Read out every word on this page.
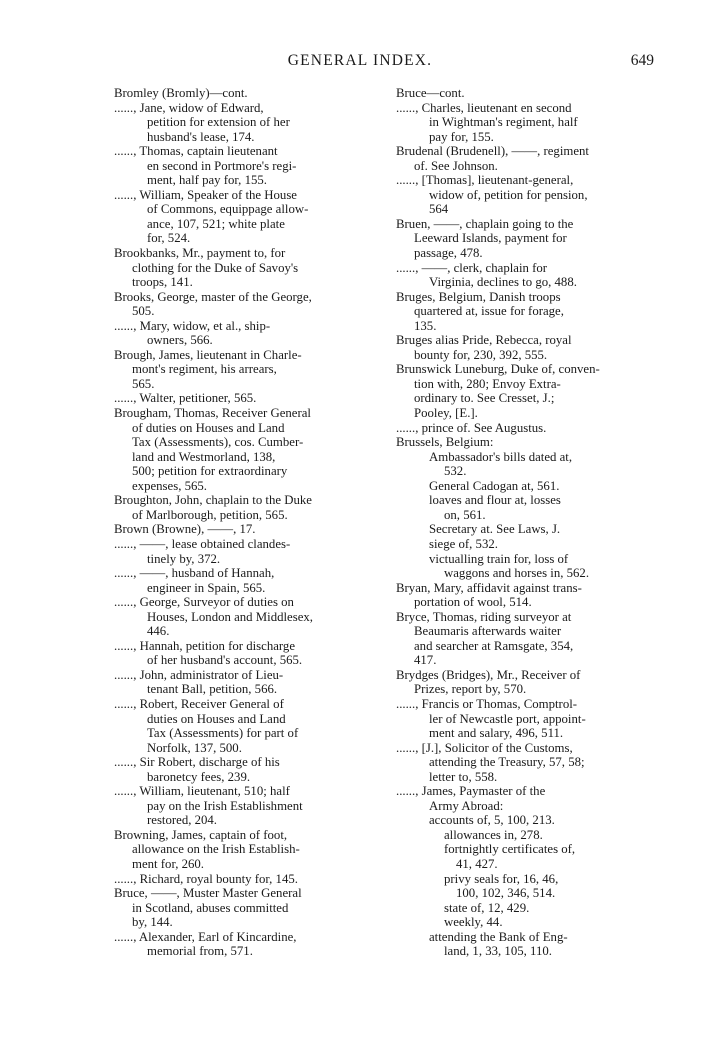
GENERAL INDEX.	649
Bromley (Bromly)—cont.
......, Jane, widow of Edward,
petition for extension of her
husband's lease, 174.
......, Thomas, captain lieutenant
en second in Portmore's regi-
ment, half pay for, 155.
......, William, Speaker of the House
of Commons, equippage allow-
ance, 107, 521; white plate
for, 524.
Brookbanks, Mr., payment to, for
clothing for the Duke of Savoy's
troops, 141.
Brooks, George, master of the George,
505.
......, Mary, widow, et al., ship-
owners, 566.
Brough, James, lieutenant in Charle-
mont's regiment, his arrears,
565.
......, Walter, petitioner, 565.
Brougham, Thomas, Receiver General
of duties on Houses and Land
Tax (Assessments), cos. Cumber-
land and Westmorland, 138,
500; petition for extraordinary
expenses, 565.
Broughton, John, chaplain to the Duke
of Marlborough, petition, 565.
Brown (Browne), ——, 17.
......, ——, lease obtained clandes-
tinely by, 372.
......, ——, husband of Hannah,
engineer in Spain, 565.
......, George, Surveyor of duties on
Houses, London and Middlesex,
446.
......, Hannah, petition for discharge
of her husband's account, 565.
......, John, administrator of Lieu-
tenant Ball, petition, 566.
......, Robert, Receiver General of
duties on Houses and Land
Tax (Assessments) for part of
Norfolk, 137, 500.
......, Sir Robert, discharge of his
baronetcy fees, 239.
......, William, lieutenant, 510; half
pay on the Irish Establishment
restored, 204.
Browning, James, captain of foot,
allowance on the Irish Establish-
ment for, 260.
......, Richard, royal bounty for, 145.
Bruce, ——, Muster Master General
in Scotland, abuses committed
by, 144.
......, Alexander, Earl of Kincardine,
memorial from, 571.
Bruce—cont.
......, Charles, lieutenant en second
in Wightman's regiment, half
pay for, 155.
Brudenal (Brudenell), ——, regiment
of. See Johnson.
......, [Thomas], lieutenant-general,
widow of, petition for pension,
564
Bruen, ——, chaplain going to the
Leeward Islands, payment for
passage, 478.
......, ——, clerk, chaplain for
Virginia, declines to go, 488.
Bruges, Belgium, Danish troops
quartered at, issue for forage,
135.
Bruges alias Pride, Rebecca, royal
bounty for, 230, 392, 555.
Brunswick Luneburg, Duke of, conven-
tion with, 280; Envoy Extra-
ordinary to. See Cresset, J.;
Pooley, [E.].
......, prince of. See Augustus.
Brussels, Belgium:
Ambassador's bills dated at,
532.
General Cadogan at, 561.
loaves and flour at, losses
on, 561.
Secretary at. See Laws, J.
siege of, 532.
victualling train for, loss of
waggons and horses in, 562.
Bryan, Mary, affidavit against trans-
portation of wool, 514.
Bryce, Thomas, riding surveyor at
Beaumaris afterwards waiter
and searcher at Ramsgate, 354,
417.
Brydges (Bridges), Mr., Receiver of
Prizes, report by, 570.
......, Francis or Thomas, Comptrol-
ler of Newcastle port, appoint-
ment and salary, 496, 511.
......, [J.], Solicitor of the Customs,
attending the Treasury, 57, 58;
letter to, 558.
......, James, Paymaster of the
Army Abroad:
accounts of, 5, 100, 213.
allowances in, 278.
fortnightly certificates of,
41, 427.
privy seals for, 16, 46,
100, 102, 346, 514.
state of, 12, 429.
weekly, 44.
attending the Bank of Eng-
land, 1, 33, 105, 110.
